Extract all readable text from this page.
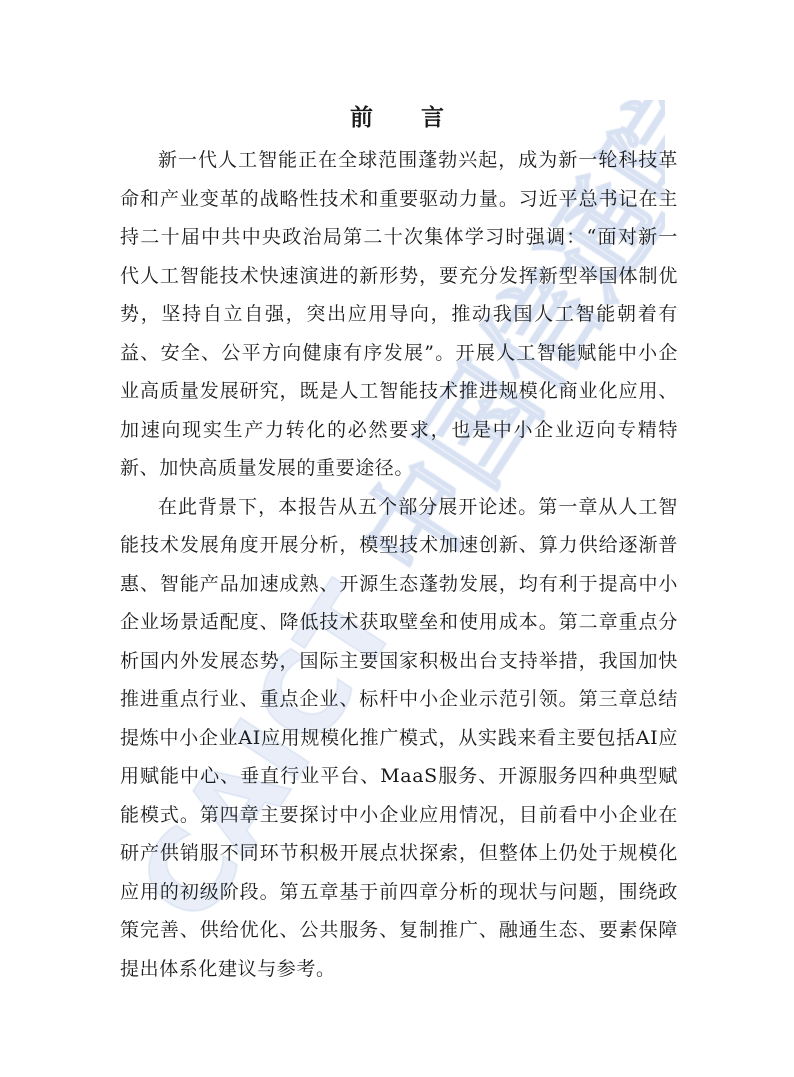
CAICT 中国信通院
前 言

新一代人工智能正在全球范围蓬勃兴起，成为新一轮科技革命和产业变革的战略性技术和重要驱动力量。习近平总书记在主持二十届中共中央政治局第二十次集体学习时强调：“面对新一代人工智能技术快速演进的新形势，要充分发挥新型举国体制优势，坚持自立自强，突出应用导向，推动我国人工智能朝着有益、安全、公平方向健康有序发展”。开展人工智能赋能中小企业高质量发展研究，既是人工智能技术推进规模化商业化应用、加速向现实生产力转化的必然要求，也是中小企业迈向专精特新、加快高质量发展的重要途径。

在此背景下，本报告从五个部分展开论述。第一章从人工智能技术发展角度开展分析，模型技术加速创新、算力供给逐渐普惠、智能产品加速成熟、开源生态蓬勃发展，均有利于提高中小企业场景适配度、降低技术获取壁垒和使用成本。第二章重点分析国内外发展态势，国际主要国家积极出台支持举措，我国加快推进重点行业、重点企业、标杆中小企业示范引领。第三章总结提炼中小企业AI应用规模化推广模式，从实践来看主要包括AI应用赋能中心、垂直行业平台、MaaS服务、开源服务四种典型赋能模式。第四章主要探讨中小企业应用情况，目前看中小企业在研产供销服不同环节积极开展点状探索，但整体上仍处于规模化应用的初级阶段。第五章基于前四章分析的现状与问题，围绕政策完善、供给优化、公共服务、复制推广、融通生态、要素保障提出体系化建议与参考。
